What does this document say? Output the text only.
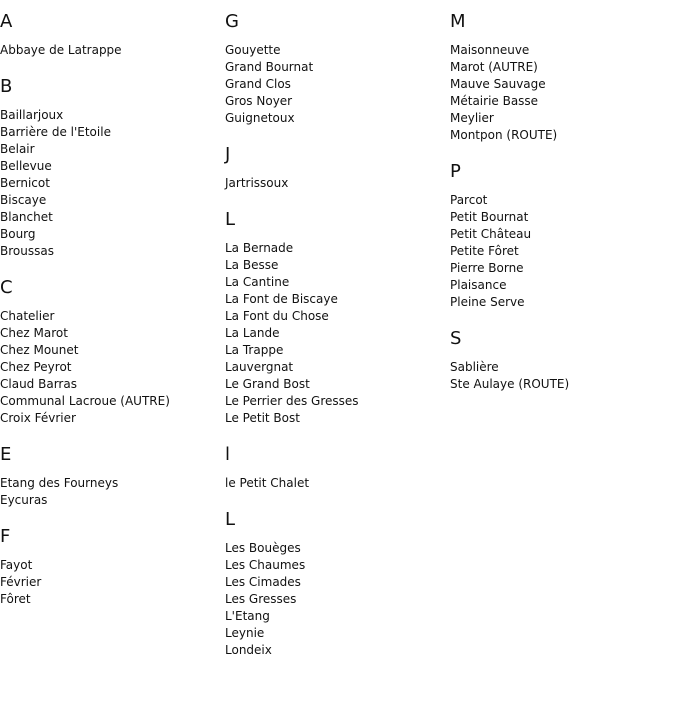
A
Abbaye de Latrappe
B
Baillarjoux
Barrière de l'Etoile
Belair
Bellevue
Bernicot
Biscaye
Blanchet
Bourg
Broussas
C
Chatelier
Chez Marot
Chez Mounet
Chez Peyrot
Claud Barras
Communal Lacroue (AUTRE)
Croix Février
E
Etang des Fourneys
Eycuras
F
Fayot
Février
Fôret
G
Gouyette
Grand Bournat
Grand Clos
Gros Noyer
Guignetoux
J
Jartrissoux
L
La Bernade
La Besse
La Cantine
La Font de Biscaye
La Font du Chose
La Lande
La Trappe
Lauvergnat
Le Grand Bost
Le Perrier des Gresses
Le Petit Bost
l
le Petit Chalet
L
Les Bouèges
Les Chaumes
Les Cimades
Les Gresses
L'Etang
Leynie
Londeix
M
Maisonneuve
Marot (AUTRE)
Mauve Sauvage
Métairie Basse
Meylier
Montpon (ROUTE)
P
Parcot
Petit Bournat
Petit Château
Petite Fôret
Pierre Borne
Plaisance
Pleine Serve
S
Sablière
Ste Aulaye (ROUTE)
